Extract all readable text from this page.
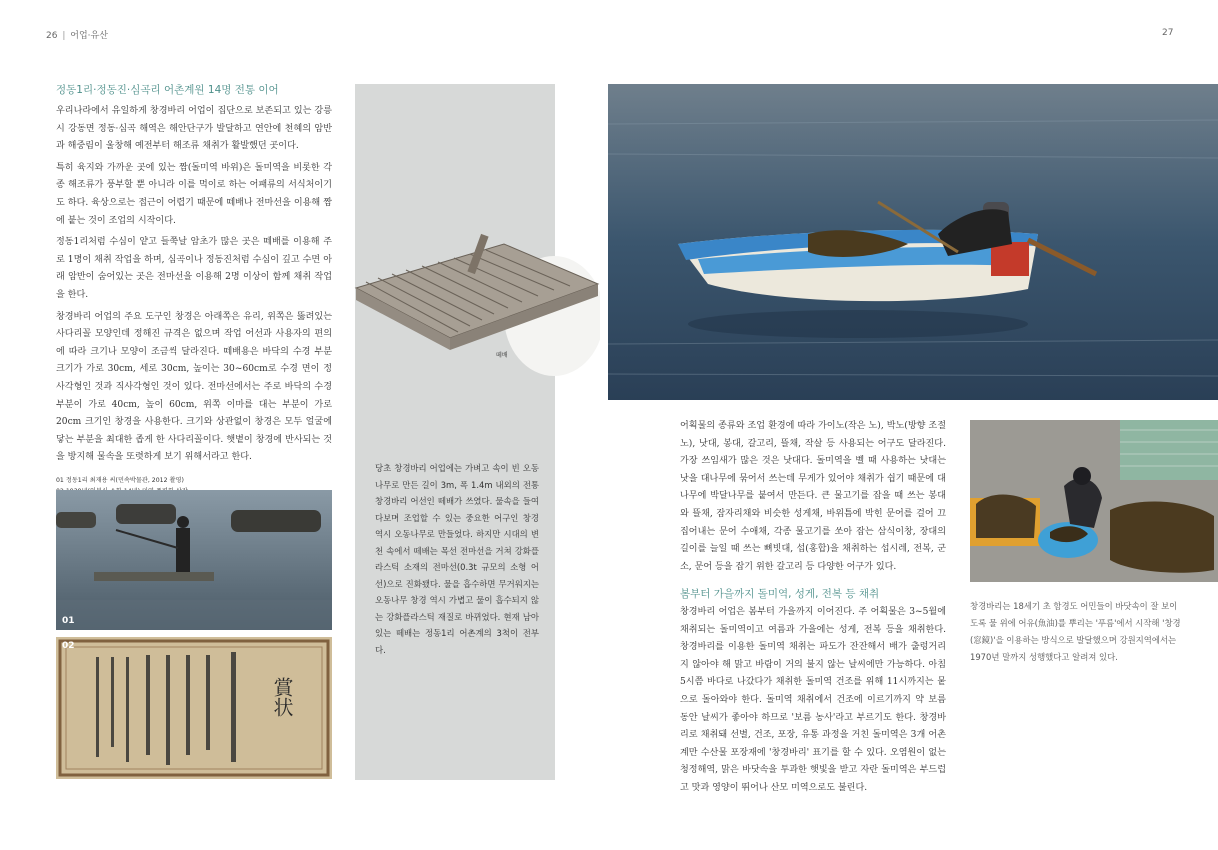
26 | 어업·유산	27
정동1리·정동진·심곡리 어촌계원 14명 전통 이어

우리나라에서 유일하게 창경바리 어업이 집단으로 보존되고 있는 강릉시 강동면 정동·심곡 해역은 해안단구가 발달하고 연안에 천혜의 암반과 해중림이 울창해 예전부터 해조류 채취가 활발했던 곳이다.

특히 육지와 가까운 곳에 있는 짬(돌미역 바위)은 돌미역을 비롯한 각종 해조류가 풍부할 뿐 아니라 이를 먹이로 하는 어패류의 서식처이기도 하다. 육상으로는 접근이 어렵기 때문에 떼배나 전마선을 이용해 짬에 붙는 것이 조업의 시작이다.

정동1리처럼 수심이 얕고 들쭉날 암초가 많은 곳은 떼배를 이용해 주로 1명이 채취 작업을 하며, 심곡이나 정동진처럼 수심이 깊고 수면 아래 암반이 숨어있는 곳은 전마선을 이용해 2명 이상이 함께 채취 작업을 한다.

창경바리 어업의 주요 도구인 창경은 아래쪽은 유리, 위쪽은 뚫려있는 사다리꼴 모양인데 정해진 규격은 없으며 작업 어선과 사용자의 편의에 따라 크기나 모양이 조금씩 달라진다. 떼배용은 바닥의 수경 부분 크기가 가로 30cm, 세로 30cm, 높이는 30~60cm로 수경 면이 정사각형인 것과 직사각형인 것이 있다. 전마선에서는 주로 바닥의 수경 부분이 가로 40cm, 높이 60cm, 위쪽 이마를 대는 부분이 가로 20cm 크기인 창경을 사용한다. 크기와 상관없이 창경은 모두 얼굴에 닿는 부분을 최대한 좁게 한 사다리꼴이다. 햇볕이 창경에 반사되는 것을 방지해 물속을 또렷하게 보기 위해서라고 한다.

01 정동1리 최재용 씨(민속박물관, 2012 촬영)
01
賞状
02
떼배
당초 창경바리 어업에는 가벼고 속이 빈 오동나무로 만든 길이 3m, 폭 1.4m 내외의 전통 창경바리 어선인 떼배가 쓰였다. 물속을 들여다보며 조업할 수 있는 중요한 어구인 창경 역시 오동나무로 만들었다. 하지만 시대의 변천 속에서 떼배는 목선 전마선을 거쳐 강화플라스틱 소재의 전마선(0.3t 규모의 소형 어선)으로 진화됐다. 물을 흡수하면 무거워지는 오동나무 창경 역시 가볍고 물이 흡수되지 않는 강화플라스틱 재질로 바뀌었다. 현재 남아있는 떼배는 정동1리 어촌계의 3척이 전부다.

어획물의 종류와 조업 환경에 따라 가이노(작은 노), 박노(방향 조절 노), 낫대, 봉대, 갈고리, 뜰채, 작살 등 사용되는 어구도 달라진다. 가장 쓰임새가 많은 것은 낫대다. 돌미역을 벨 때 사용하는 낫대는 낫을 대나무에 묶어서 쓰는데 무게가 있어야 채취가 쉽기 때문에 대나무에 박달나무를 붙여서 만든다. 큰 물고기를 잡을 때 쓰는 봉대와 뜰채, 잠자리채와 비슷한 성게채, 바위틈에 박힌 문어를 걸어 끄집어내는 문어 수애채, 각종 물고기를 쏘아 잡는 삼식이창, 장대의 길이를 늘일 때 쓰는 뼈빗대, 섭(홍합)을 채취하는 섭시레, 전복, 군소, 문어 등을 잡기 위한 갈고리 등 다양한 어구가 있다.

봄부터 가을까지 돌미역, 성게, 전복 등 채취

창경바리 어업은 봄부터 가을까지 이어진다. 주 어획물은 3~5월에 채취되는 돌미역이고 여름과 가을에는 성게, 전복 등을 채취한다. 창경바리를 이용한 돌미역 채취는 파도가 잔잔해서 배가 출렁거리지 않아야 해 맑고 바람이 거의 불지 않는 날씨에만 가능하다. 아침 5시쯤 바다로 나갔다가 채취한 돌미역 건조를 위해 11시까지는 뭍으로 돌아와야 한다. 돌미역 채취에서 건조에 이르기까지 약 보름 동안 날씨가 좋아야 하므로 '보름 농사'라고 부르기도 한다. 창경바리로 채취돼 선별, 건조, 포장, 유통 과정을 거친 돌미역은 3개 어촌계만 수산물 포장재에 '창경바리' 표기를 할 수 있다. 오염원이 없는 청정해역, 맑은 바닷속을 투과한 햇빛을 받고 자란 돌미역은 부드럽고 맛과 영양이 뛰어나 산모 미역으로도 불린다.

창경바리는 18세기 초 함경도 어민들이 바닷속이 잘 보이도록 물 위에 어유(魚油)를 뿌리는 '푸름'에서 시작해 '창경(窓鏡)'을 이용하는 방식으로 발달했으며 강원지역에서는 1970년 말까지 성행했다고 알려져 있다.
